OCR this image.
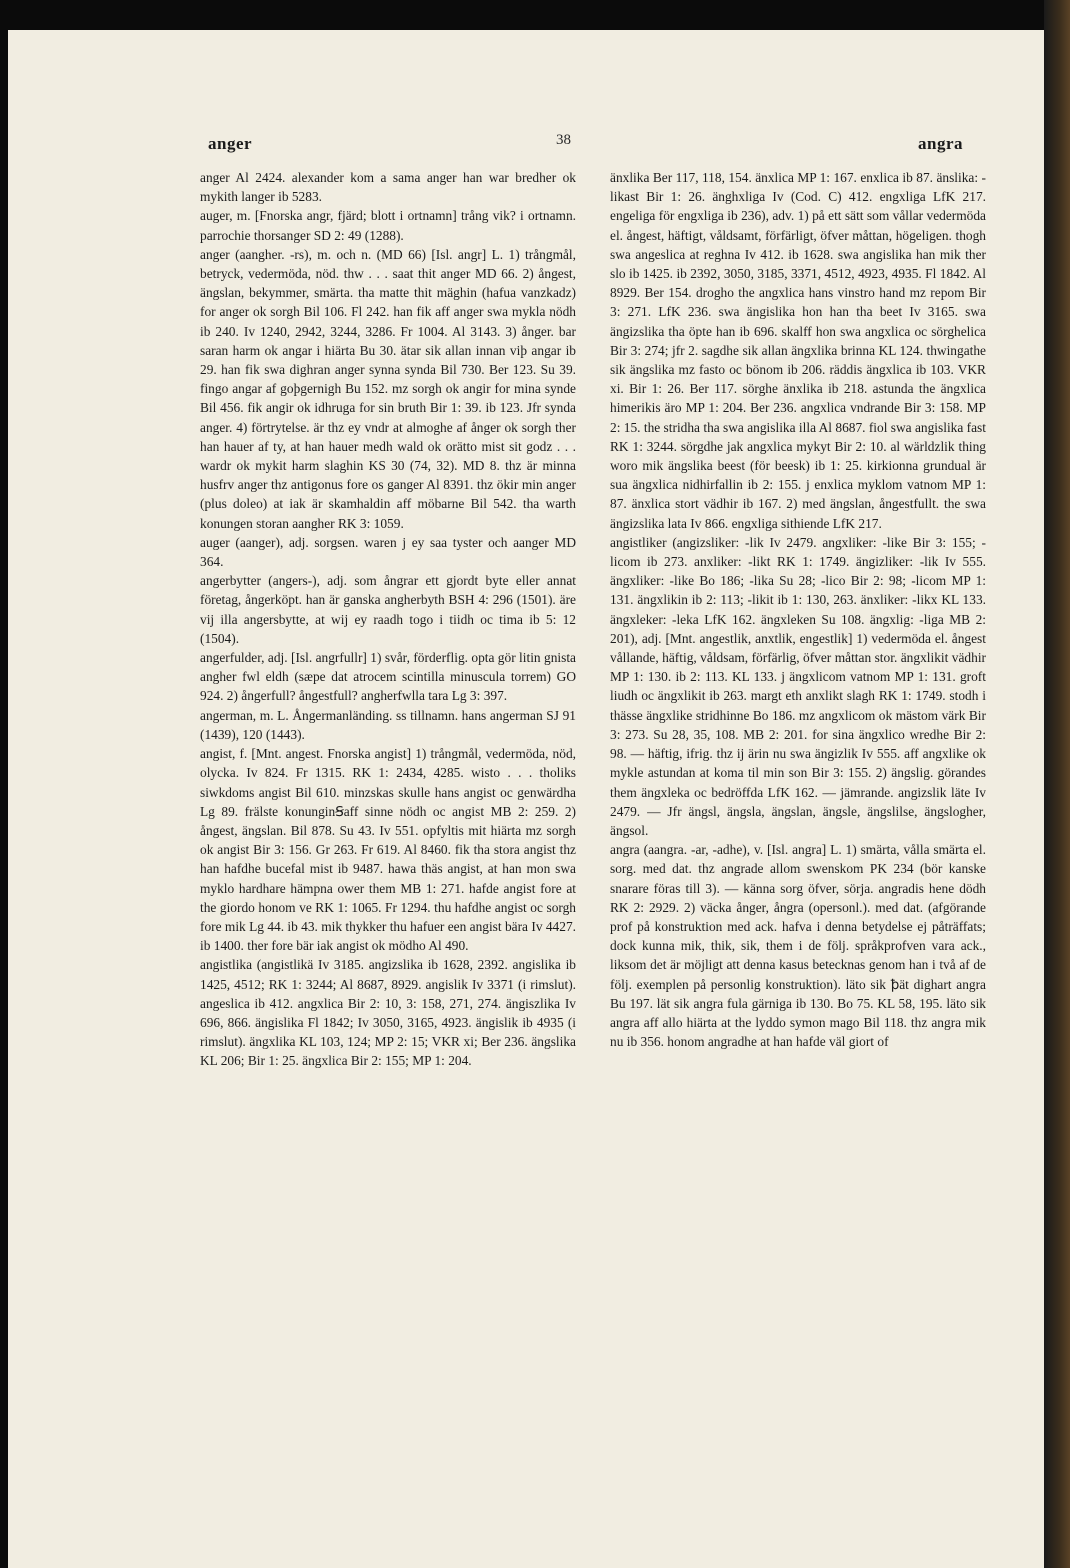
anger	38	angra

anger Al 2424. alexander kom a sama anger han war bredher ok mykith langer ib 5283.

auger, m. [Fnorska angr, fjärd; blott i ortnamn] trång vik? i ortnamn. parrochie thorsanger SD 2: 49 (1288).

anger (aangher. -rs), m. och n. (MD 66) [Isl. angr] L. 1) trångmål, betryck, vedermöda, nöd. thw . . . saat thit anger MD 66. 2) ångest, ängslan, bekymmer, smärta. tha matte thit mäghin (hafua vanzkadz) for anger ok sorgh Bil 106. Fl 242. han fik aff anger swa mykla nödh ib 240. Iv 1240, 2942, 3244, 3286. Fr 1004. Al 3143. 3) ånger. bar saran harm ok angar i hiärta Bu 30. ätar sik allan innan viþ angar ib 29. han fik swa dighran anger synna synda Bil 730. Ber 123. Su 39. fingo angar af goþgernigh Bu 152. mz sorgh ok angir for mina synde Bil 456. fik angir ok idhruga for sin bruth Bir 1: 39. ib 123. Jfr synda anger. 4) förtrytelse. är thz ey vndr at almoghe af ånger ok sorgh ther han hauer af ty, at han hauer medh wald ok orätto mist sit godz . . . wardr ok mykit harm slaghin KS 30 (74, 32). MD 8. thz är minna husfrv anger thz antigonus fore os ganger Al 8391. thz ökir min anger (plus doleo) at iak är skamhaldin aff möbarne Bil 542. tha warth konungen storan aangher RK 3: 1059.

auger (aanger), adj. sorgsen. waren j ey saa tyster och aanger MD 364.

angerbytter (angers-), adj. som ångrar ett gjordt byte eller annat företag, ångerköpt. han är ganska angherbyth BSH 4: 296 (1501). äre vij illa angersbytte, at wij ey raadh togo i tiidh oc tima ib 5: 12 (1504).

angerfulder, adj. [Isl. angrfullr] 1) svår, förderflig. opta gör litin gnista angher fwl eldh (sæpe dat atrocem scintilla minuscula torrem) GO 924. 2) ångerfull? ångestfull? angherfwlla tara Lg 3: 397.

angerman, m. L. Ångermanländing. ss tillnamn. hans angerman SJ 91 (1439), 120 (1443).

angist, f. [Mnt. angest. Fnorska angist] 1) trångmål, vedermöda, nöd, olycka. Iv 824. Fr 1315. RK 1: 2434, 4285. wisto . . . tholiks siwkdoms angist Bil 610. minzskas skulle hans angist oc genwärdha Lg 89. frälste konunginꞨaff sinne nödh oc angist MB 2: 259. 2) ångest, ängslan. Bil 878. Su 43. Iv 551. opfyltis mit hiärta mz sorgh ok angist Bir 3: 156. Gr 263. Fr 619. Al 8460. fik tha stora angist thz han hafdhe bucefal mist ib 9487. hawa thäs angist, at han mon swa myklo hardhare hämpna ower them MB 1: 271. hafde angist fore at the giordo honom ve RK 1: 1065. Fr 1294. thu hafdhe angist oc sorgh fore mik Lg 44. ib 43. mik thykker thu hafuer een angist bära Iv 4427. ib 1400. ther fore bär iak angist ok mödho Al 490.

angistlika (angistlikä Iv 3185. angizslika ib 1628, 2392. angislika ib 1425, 4512; RK 1: 3244; Al 8687, 8929. angislik Iv 3371 (i rimslut). angeslica ib 412. angxlica Bir 2: 10, 3: 158, 271, 274. ängiszlika Iv 696, 866. ängislika Fl 1842; Iv 3050, 3165, 4923. ängislik ib 4935 (i rimslut). ängxlika KL 103, 124; MP 2: 15; VKR xi; Ber 236. ängslika KL 206; Bir 1: 25. ängxlica Bir 2: 155; MP 1: 204.

änxlika Ber 117, 118, 154. änxlica MP 1: 167. enxlica ib 87. änslika: -likast Bir 1: 26. änghxliga Iv (Cod. C) 412. engxliga LfK 217. engeliga för engxliga ib 236), adv. 1) på ett sätt som vållar vedermöda el. ångest, häftigt, våldsamt, förfärligt, öfver måttan, högeligen. thogh swa angeslica at reghna Iv 412. ib 1628. swa angislika han mik ther slo ib 1425. ib 2392, 3050, 3185, 3371, 4512, 4923, 4935. Fl 1842. Al 8929. Ber 154. drogho the angxlica hans vinstro hand mz repom Bir 3: 271. LfK 236. swa ängislika hon han tha beet Iv 3165. swa ängizslika tha öpte han ib 696. skalff hon swa angxlica oc sörghelica Bir 3: 274; jfr 2. sagdhe sik allan ängxlika brinna KL 124. thwingathe sik ängslika mz fasto oc bönom ib 206. räddis ängxlica ib 103. VKR xi. Bir 1: 26. Ber 117. sörghe änxlika ib 218. astunda the ängxlica himerikis äro MP 1: 204. Ber 236. angxlica vndrande Bir 3: 158. MP 2: 15. the stridha tha swa angislika illa Al 8687. fiol swa angislika fast RK 1: 3244. sörgdhe jak angxlica mykyt Bir 2: 10. al wärldzlik thing woro mik ängslika beest (för beesk) ib 1: 25. kirkionna grundual är sua ängxlica nidhirfallin ib 2: 155. j enxlica myklom vatnom MP 1: 87. änxlica stort vädhir ib 167. 2) med ängslan, ångestfullt. the swa ängizslika lata Iv 866. engxliga sithiende LfK 217.

angistliker (angizsliker: -lik Iv 2479. angxliker: -like Bir 3: 155; -licom ib 273. anxliker: -likt RK 1: 1749. ängizliker: -lik Iv 555. ängxliker: -like Bo 186; -lika Su 28; -lico Bir 2: 98; -licom MP 1: 131. ängxlikin ib 2: 113; -likit ib 1: 130, 263. änxliker: -likx KL 133. ängxleker: -leka LfK 162. ängxleken Su 108. ängxlig: -liga MB 2: 201), adj. [Mnt. angestlik, anxtlik, engestlik] 1) vedermöda el. ångest vållande, häftig, våldsam, förfärlig, öfver måttan stor. ängxlikit vädhir MP 1: 130. ib 2: 113. KL 133. j ängxlicom vatnom MP 1: 131. groft liudh oc ängxlikit ib 263. margt eth anxlikt slagh RK 1: 1749. stodh i thässe ängxlike stridhinne Bo 186. mz angxlicom ok mästom värk Bir 3: 273. Su 28, 35, 108. MB 2: 201. for sina ängxlico wredhe Bir 2: 98. — häftig, ifrig. thz ij ärin nu swa ängizlik Iv 555. aff angxlike ok mykle astundan at koma til min son Bir 3: 155. 2) ängslig. görandes them ängxleka oc bedröffda LfK 162. — jämrande. angizslik läte Iv 2479. — Jfr ängsl, ängsla, ängslan, ängsle, ängslilse, ängslogher, ängsol.

angra (aangra. -ar, -adhe), v. [Isl. angra] L. 1) smärta, vålla smärta el. sorg. med dat. thz angrade allom swenskom PK 234 (bör kanske snarare föras till 3). — känna sorg öfver, sörja. angradis hene dödh RK 2: 2929. 2) väcka ånger, ångra (opersonl.). med dat. (afgörande prof på konstruktion med ack. hafva i denna betydelse ej påträffats; dock kunna mik, thik, sik, them i de följ. språkprofven vara ack., liksom det är möjligt att denna kasus betecknas genom han i två af de följ. exemplen på personlig konstruktion). läto sik ꝥät dighart angra Bu 197. lät sik angra fula gärniga ib 130. Bo 75. KL 58, 195. läto sik angra aff allo hiärta at the lyddo symon mago Bil 118. thz angra mik nu ib 356. honom angradhe at han hafde väl giort of
